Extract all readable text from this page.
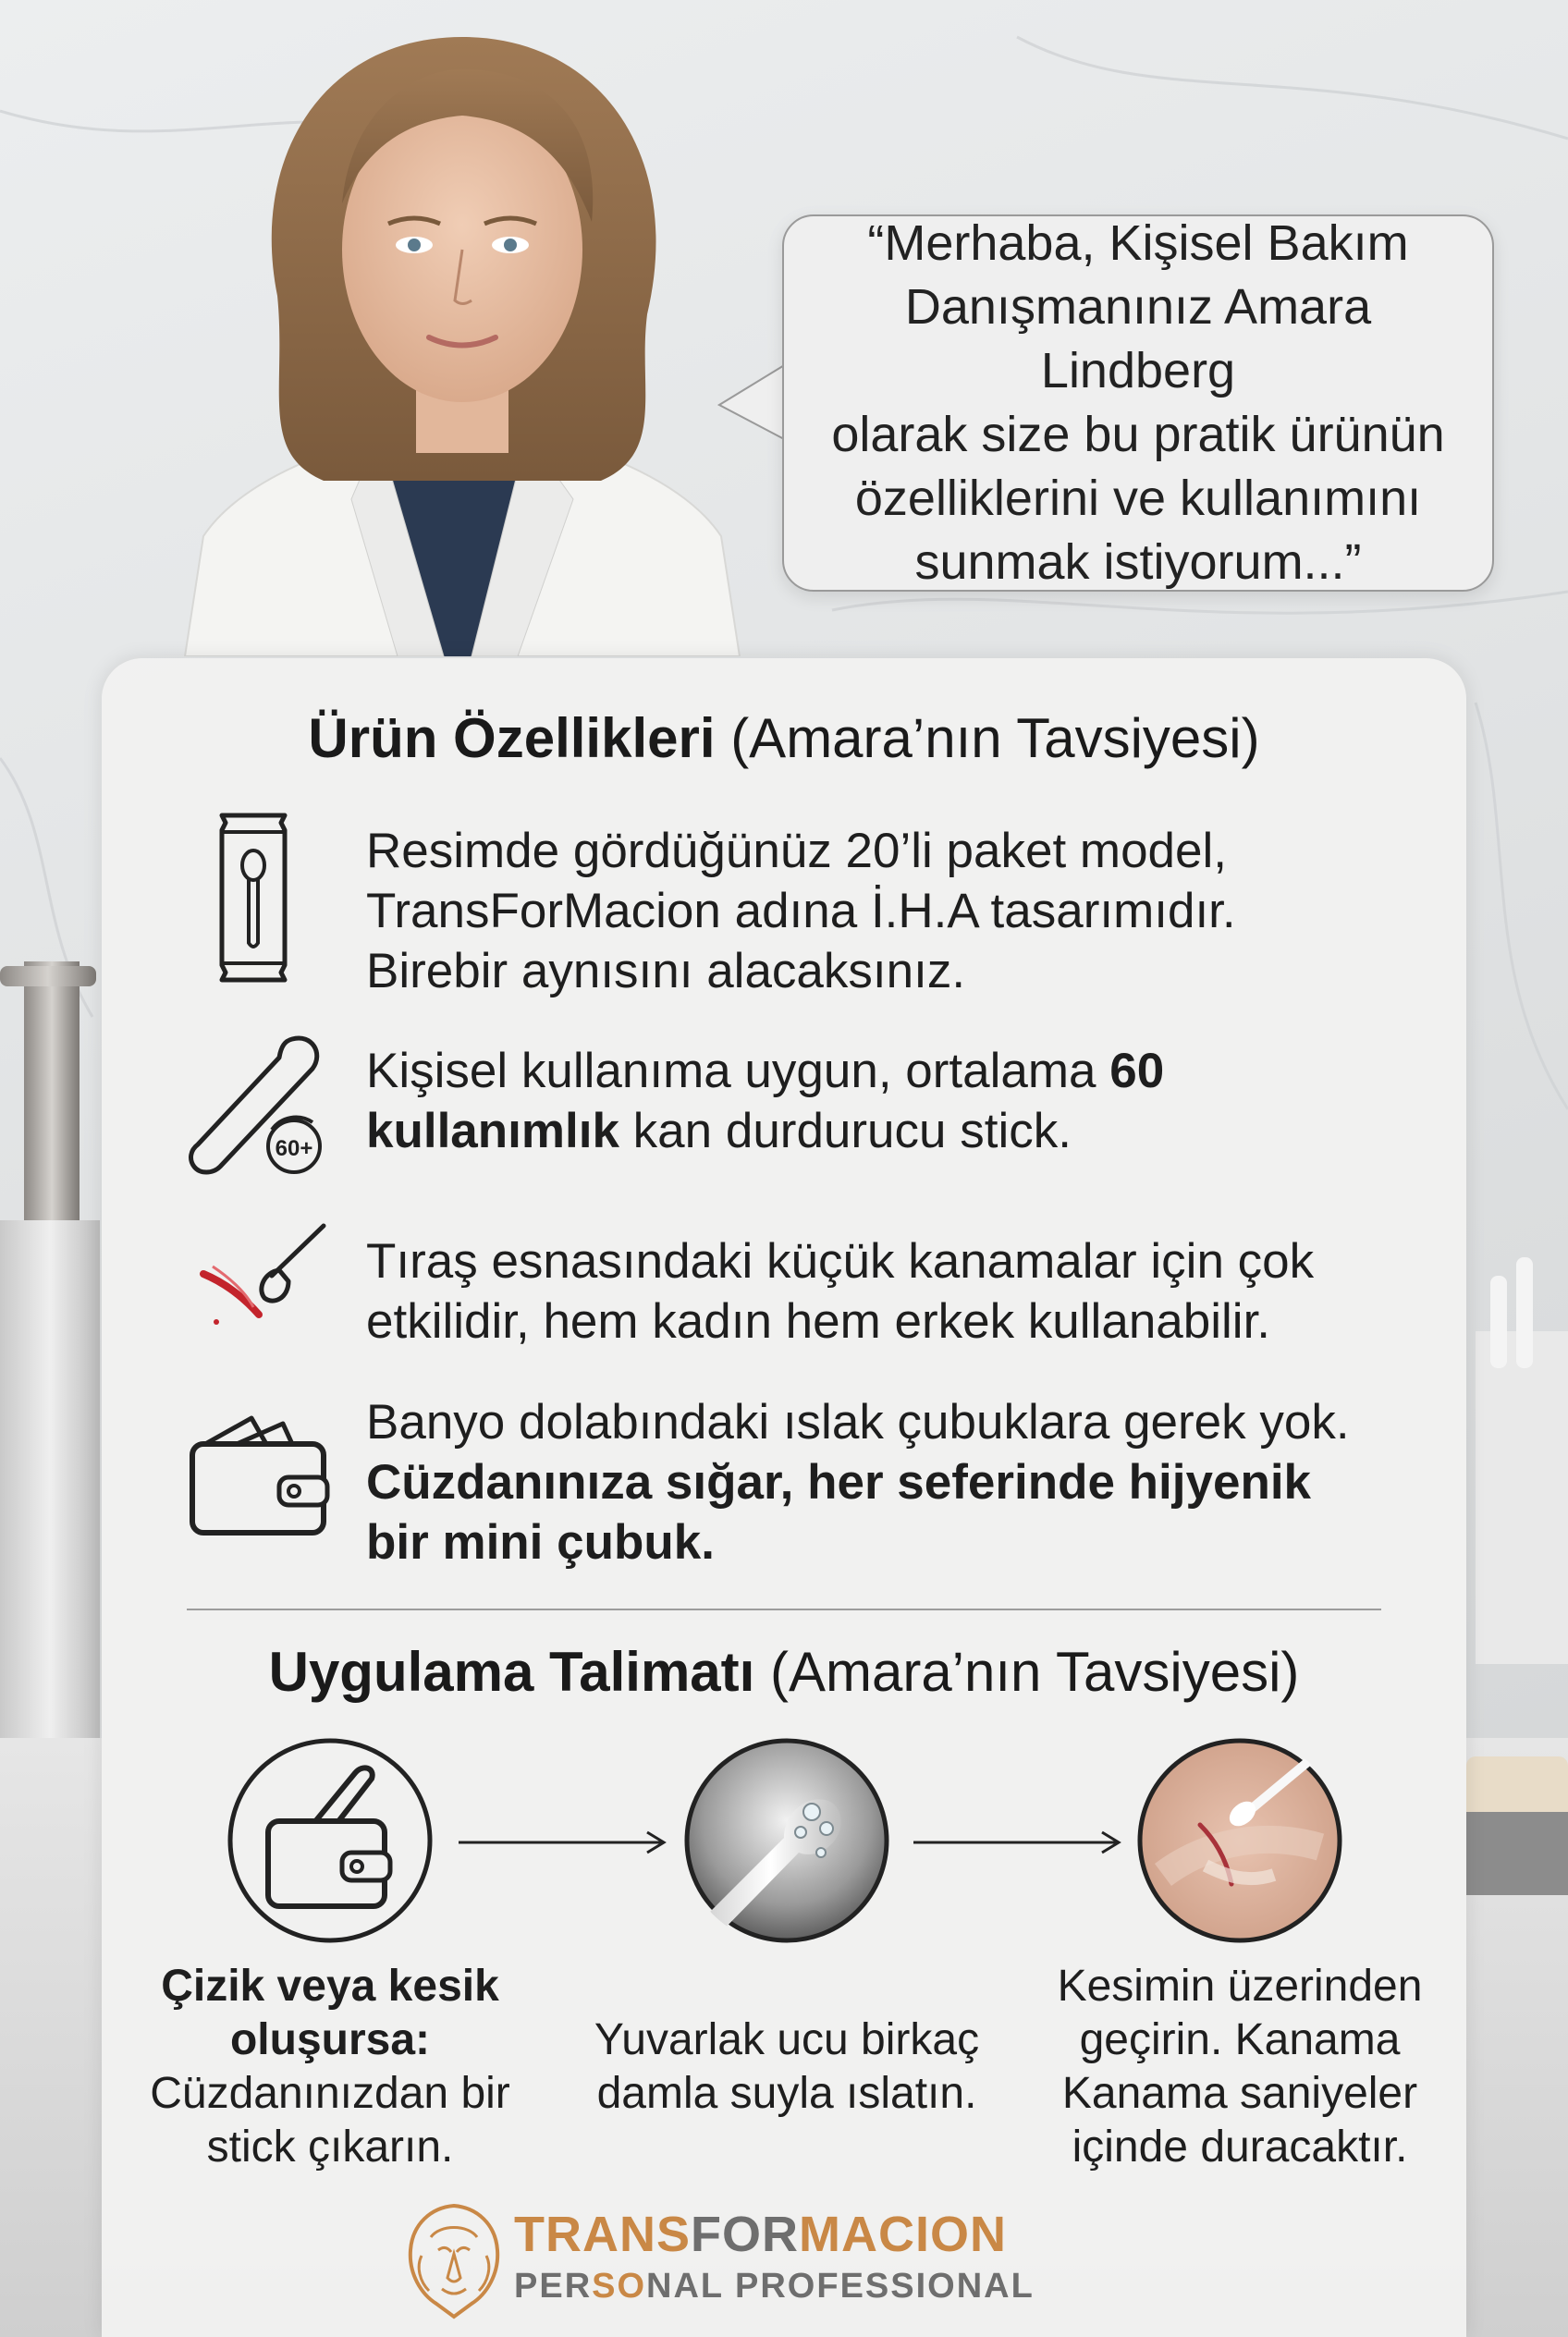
“Merhaba, Kişisel Bakım
Danışmanınız Amara Lindberg
olarak size bu pratik ürünün
özelliklerini ve kullanımını
sunmak istiyorum...”
Ürün Özellikleri (Amara’nın Tavsiyesi)
Resimde gördüğünüz 20’li paket model,
TransForMacion adına İ.H.A tasarımıdır.
Birebir aynısını alacaksınız.
60+
Kişisel kullanıma uygun, ortalama 60
kullanımlık kan durdurucu stick.
Tıraş esnasındaki küçük kanamalar için çok
etkilidir, hem kadın hem erkek kullanabilir.
Banyo dolabındaki ıslak çubuklara gerek yok.
Cüzdanınıza sığar, her seferinde hijyenik
bir mini çubuk.
Uygulama Talimatı (Amara’nın Tavsiyesi)
Çizik veya kesik
oluşursa:
Cüzdanınızdan bir
stick çıkarın.
Yuvarlak ucu birkaç
damla suyla ıslatın.
Kesimin üzerinden
geçirin. Kanama
Kanama saniyeler
içinde duracaktır.
TRANSFORMACION
PERSONAL PROFESSIONAL
